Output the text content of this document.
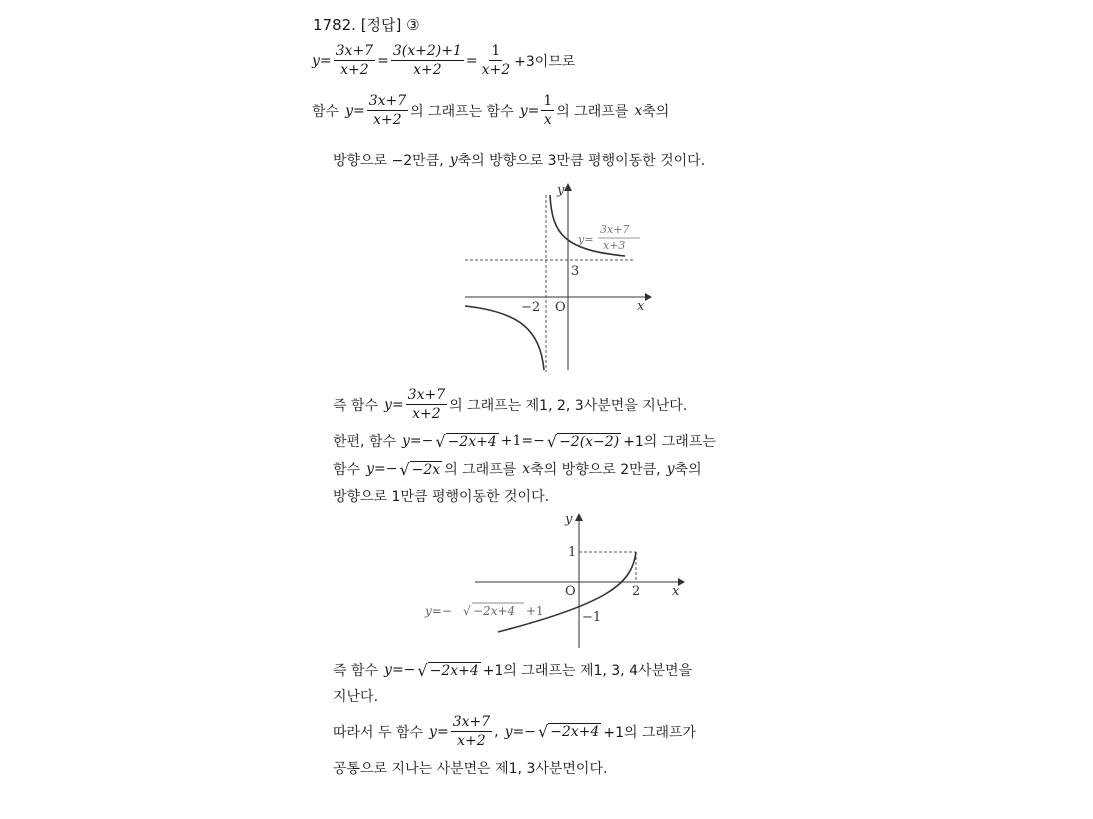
1782. [정답] ③
$y= \frac{3x+7}{x+2} = \frac{3(x+2)+1}{x+2} = \frac{1}{x+2} +3$이므로
함수 $y= \frac{3x+7}{x+2}$ 의 그래프는 함수 $y= \frac{1}{x}$ 의 그래프를 x 축의
방향으로 −2만큼, y 축의 방향으로 3만큼 평행이동한 것이다.
y
x
O
−2
3
y=
3x+7
x+3
즉 함수 $y= \frac{3x+7}{x+2}$ 의 그래프는 제1, 2, 3사분면을 지난다.
한편, 함수 y=− √ −2x+4 +1=− √ −2(x−2) +1의 그래프는
함수 y=− √ −2x 의 그래프를 x 축의 방향으로 2만큼, y 축의
방향으로 1만큼 평행이동한 것이다.
y
x
O
1
2
−1
y=− √ −2x+4 +1
즉 함수 y=− √ −2x+4 +1의 그래프는 제1, 3, 4사분면을
지난다.
따라서 두 함수 $y= \frac{3x+7}{x+2}$ , y=− √ −2x+4 +1의 그래프가
공통으로 지나는 사분면은 제1, 3사분면이다.
